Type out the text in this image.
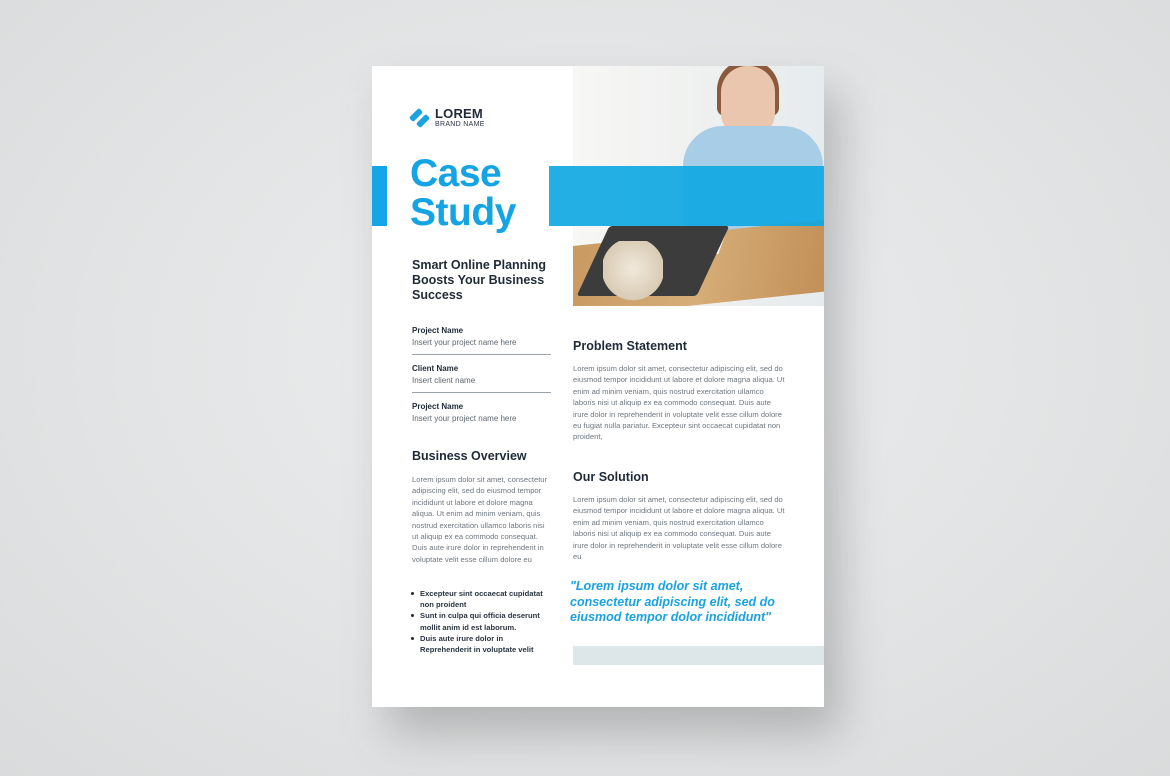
LOREM
BRAND NAME
Case
Study
Smart Online Planning Boosts Your Business Success
Project Name
Insert your project name here
Client Name
Insert client name
Project Name
Insert your project name here
Business Overview
Lorem ipsum dolor sit amet, consectetur adipiscing elit, sed do eiusmod tempor incididunt ut labore et dolore magna aliqua. Ut enim ad minim veniam, quis nostrud exercitation ullamco laboris nisi ut aliquip ex ea commodo consequat. Duis aute irure dolor in reprehenderit in voluptate velit esse cillum dolore eu
Excepteur sint occaecat cupidatat non proident
Sunt in culpa qui officia deserunt mollit anim id est laborum.
Duis aute irure dolor in Reprehenderit in voluptate velit
Problem Statement
Lorem ipsum dolor sit amet, consectetur adipiscing elit, sed do eiusmod tempor incididunt ut labore et dolore magna aliqua. Ut enim ad minim veniam, quis nostrud exercitation ullamco laboris nisi ut aliquip ex ea commodo consequat. Duis aute irure dolor in reprehenderit in voluptate velit esse cillum dolore eu fugiat nulla pariatur. Excepteur sint occaecat cupidatat non proident,
Our Solution
Lorem ipsum dolor sit amet, consectetur adipiscing elit, sed do eiusmod tempor incididunt ut labore et dolore magna aliqua. Ut enim ad minim veniam, quis nostrud exercitation ullamco laboris nisi ut aliquip ex ea commodo consequat. Duis aute irure dolor in reprehenderit in voluptate velit esse cillum dolore eu
"Lorem ipsum dolor sit amet, consectetur adipiscing elit, sed do eiusmod tempor dolor incididunt"
